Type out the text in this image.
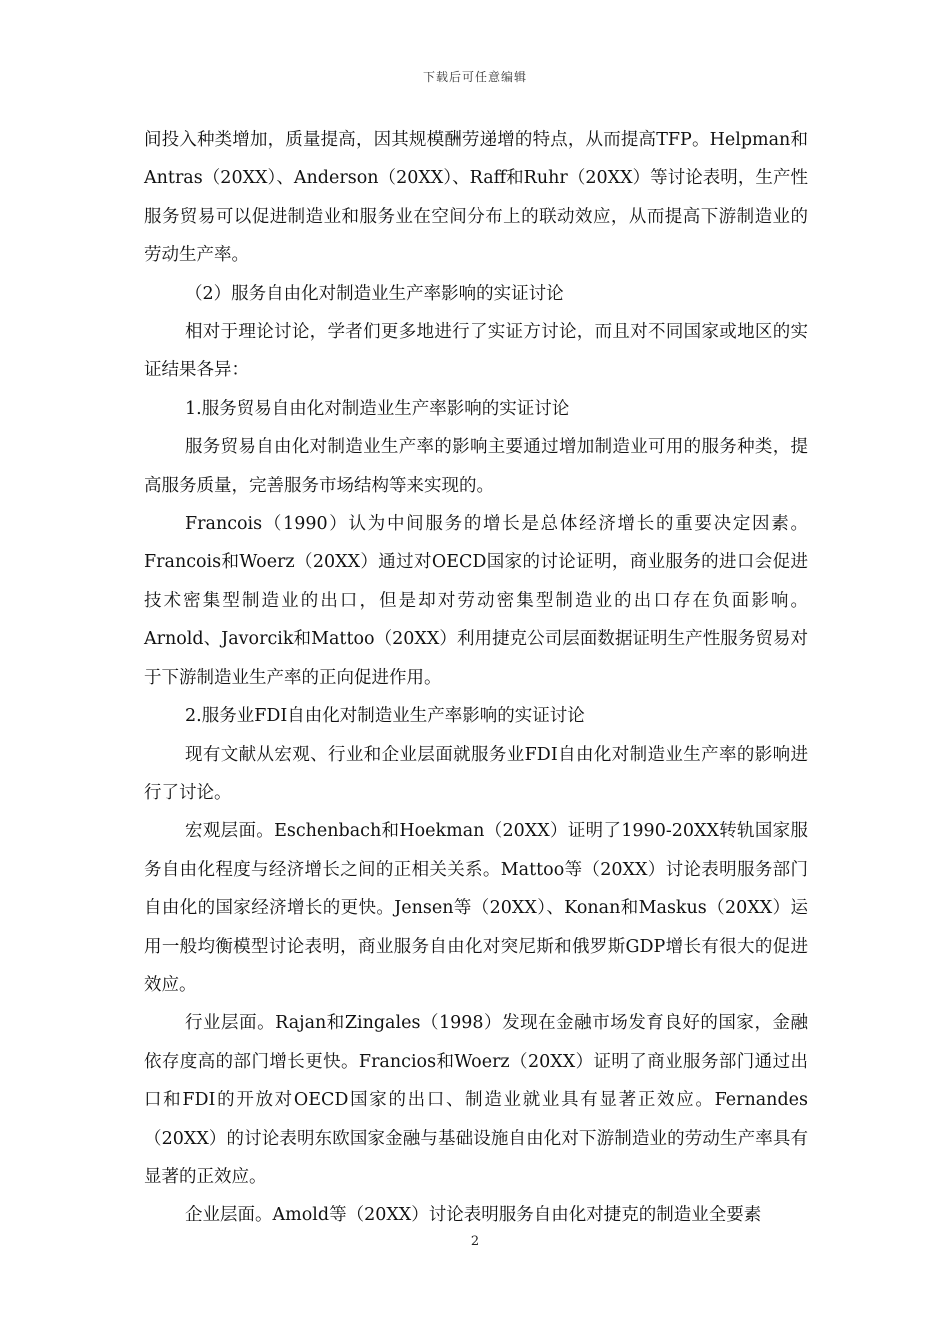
下载后可任意编辑

间投入种类增加，质量提高，因其规模酬劳递增的特点，从而提高TFP。Helpman和Antras（20XX）、Anderson（20XX）、Raff和Ruhr（20XX）等讨论表明，生产性服务贸易可以促进制造业和服务业在空间分布上的联动效应，从而提高下游制造业的劳动生产率。

（2）服务自由化对制造业生产率影响的实证讨论

相对于理论讨论，学者们更多地进行了实证方讨论，而且对不同国家或地区的实证结果各异：

1.服务贸易自由化对制造业生产率影响的实证讨论

服务贸易自由化对制造业生产率的影响主要通过增加制造业可用的服务种类，提高服务质量，完善服务市场结构等来实现的。

Francois（1990）认为中间服务的增长是总体经济增长的重要决定因素。Francois和Woerz（20XX）通过对OECD国家的讨论证明，商业服务的进口会促进技术密集型制造业的出口，但是却对劳动密集型制造业的出口存在负面影响。Arnold、Javorcik和Mattoo（20XX）利用捷克公司层面数据证明生产性服务贸易对于下游制造业生产率的正向促进作用。

2.服务业FDI自由化对制造业生产率影响的实证讨论

现有文献从宏观、行业和企业层面就服务业FDI自由化对制造业生产率的影响进行了讨论。

宏观层面。Eschenbach和Hoekman（20XX）证明了1990-20XX转轨国家服务自由化程度与经济增长之间的正相关关系。Mattoo等（20XX）讨论表明服务部门自由化的国家经济增长的更快。Jensen等（20XX）、Konan和Maskus（20XX）运用一般均衡模型讨论表明，商业服务自由化对突尼斯和俄罗斯GDP增长有很大的促进效应。

行业层面。Rajan和Zingales（1998）发现在金融市场发育良好的国家，金融依存度高的部门增长更快。Francios和Woerz（20XX）证明了商业服务部门通过出口和FDI的开放对OECD国家的出口、制造业就业具有显著正效应。Fernandes（20XX）的讨论表明东欧国家金融与基础设施自由化对下游制造业的劳动生产率具有显著的正效应。

企业层面。Amold等（20XX）讨论表明服务自由化对捷克的制造业全要素

2
